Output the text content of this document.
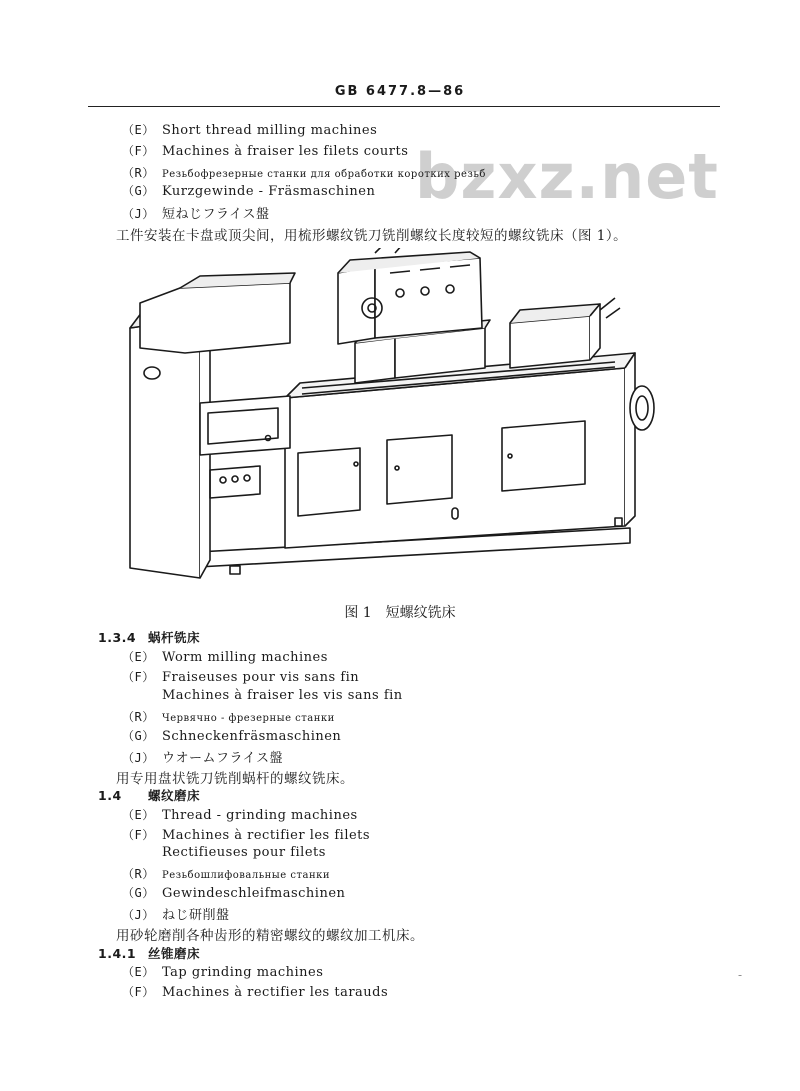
GB 6477.8—86
bzxz.net
（E） Short thread milling machines
（F） Machines à fraiser les filets courts
（R） Резьбофрезерные станки для обработки коротких резьб
（G） Kurzgewinde - Fräsmaschinen
（J） 短ねじフライス盤
工件安装在卡盘或顶尖间，用梳形螺纹铣刀铣削螺纹长度较短的螺纹铣床（图 1）。
图 1　短螺纹铣床
1.3.4 蜗杆铣床
（E） Worm milling machines
（F） Fraiseuses pour vis sans fin
Machines à fraiser les vis sans fin
（R） Червячно - фрезерные станки
（G） Schneckenfräsmaschinen
（J） ウオームフライス盤
用专用盘状铣刀铣削蜗杆的螺纹铣床。
1.4 螺纹磨床
（E） Thread - grinding machines
（F） Machines à rectifier les filets
Rectifieuses pour filets
（R） Резьбошлифовальные станки
（G） Gewindeschleifmaschinen
（J） ねじ研削盤
用砂轮磨削各种齿形的精密螺纹的螺纹加工机床。
1.4.1 丝锥磨床
（E） Tap grinding machines
（F） Machines à rectifier les tarauds
-
